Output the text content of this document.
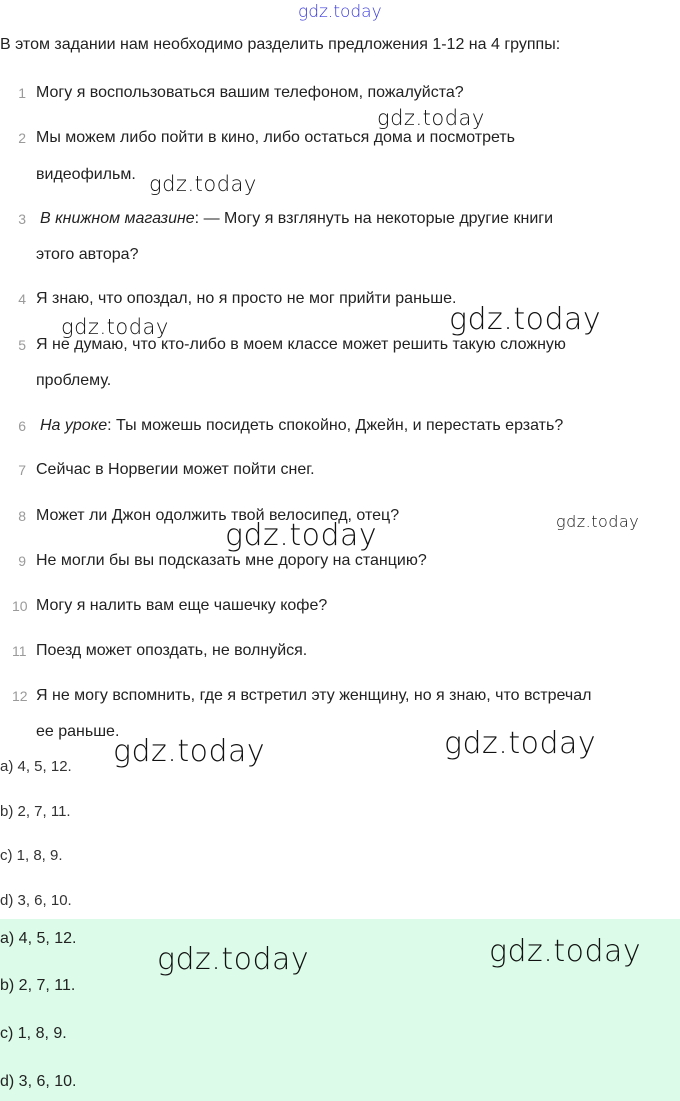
gdz.today
В этом задании нам необходимо разделить предложения 1-12 на 4 группы:
1 Могу я воспользоваться вашим телефоном, пожалуйста?
2 Мы можем либо пойти в кино, либо остаться дома и посмотреть
видеофильм.
3 В книжном магазине: — Могу я взглянуть на некоторые другие книги
этого автора?
4 Я знаю, что опоздал, но я просто не мог прийти раньше.
5 Я не думаю, что кто-либо в моем классе может решить такую сложную
проблему.
6 На уроке: Ты можешь посидеть спокойно, Джейн, и перестать ерзать?
7 Сейчас в Норвегии может пойти снег.
8 Может ли Джон одолжить твой велосипед, отец?
9 Не могли бы вы подсказать мне дорогу на станцию?
10 Могу я налить вам еще чашечку кофе?
11 Поезд может опоздать, не волнуйся.
12 Я не могу вспомнить, где я встретил эту женщину, но я знаю, что встречал
ее раньше.
a) 4, 5, 12.
b) 2, 7, 11.
c) 1, 8, 9.
d) 3, 6, 10.
a) 4, 5, 12.
b) 2, 7, 11.
c) 1, 8, 9.
d) 3, 6, 10.
gdz.today
gdz.today
gdz.today	gdz.today
gdz.today
gdz.today
gdz.today	gdz.today
gdz.today	gdz.today
